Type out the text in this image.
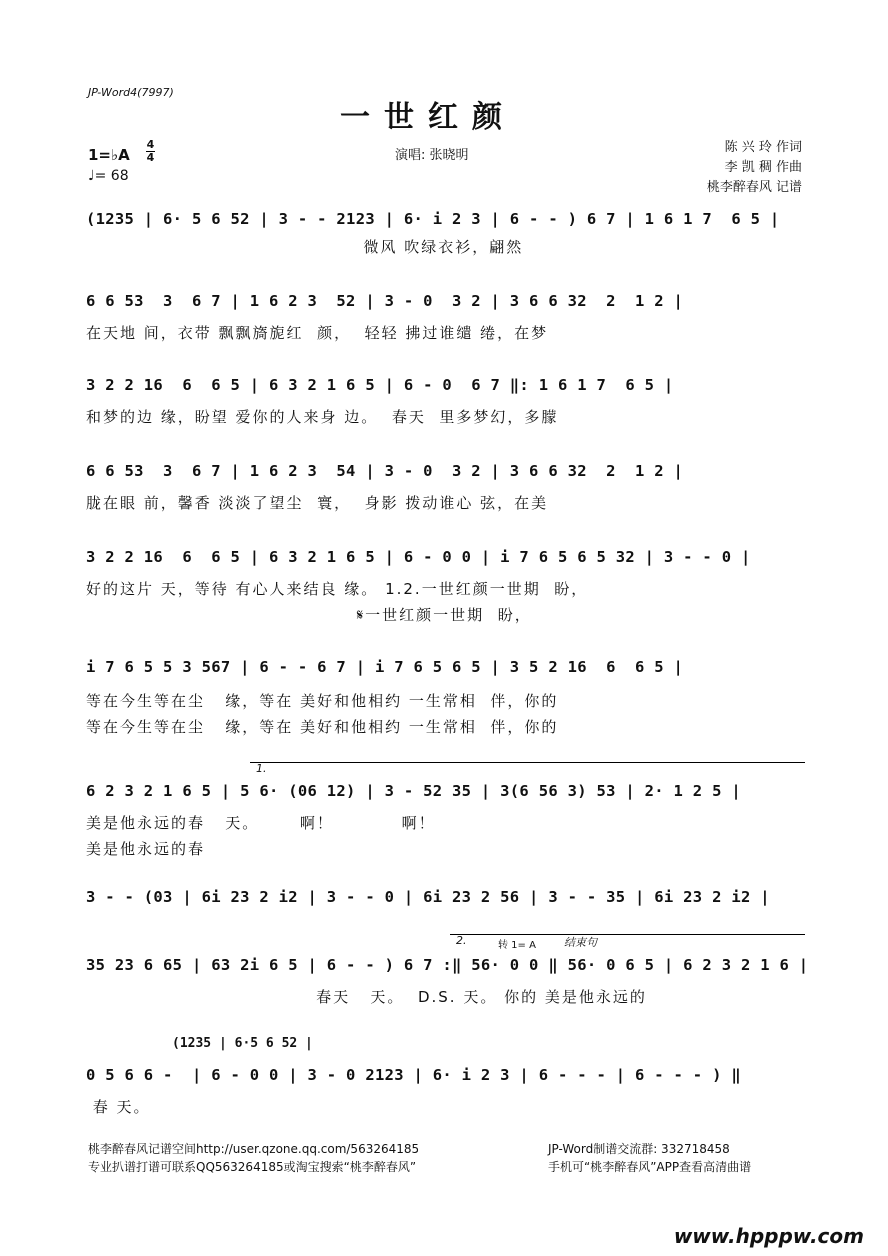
JP-Word4(7997)
一世红颜
1=♭A
4
4
♩= 68
演唱: 张晓明
陈 兴 玲 作词
李 凯 稠 作曲
桃李醉春风 记谱
(1235 | 6· 5 6 52 | 3 - - 2123 | 6· i 2 3 | 6 - - ) 6 7 | 1 6 1 7  6 5 |
微风 吹绿衣衫，翩然
6 6 53  3  6 7 | 1 6 2 3  52 | 3 - 0  3 2 | 3 6 6 32  2  1 2 |
在天地 间，衣带 飘飘旖旎红  颜，  轻轻 拂过谁缱 绻，在梦
3 2 2 16  6  6 5 | 6 3 2 1 6 5 | 6 - 0  6 7 ‖: 1 6 1 7  6 5 |
和梦的边 缘，盼望 爱你的人来身 边。  春天  里多梦幻，多朦
6 6 53  3  6 7 | 1 6 2 3  54 | 3 - 0  3 2 | 3 6 6 32  2  1 2 |
胧在眼 前，馨香 淡淡了望尘  寰，  身影 拨动谁心 弦，在美
3 2 2 16  6  6 5 | 6 3 2 1 6 5 | 6 - 0 0 | i 7 6 5 6 5 32 | 3 - - 0 |
好的这片 天，等待 有心人来结良 缘。 1.2.一世红颜一世期  盼，
𝄋一世红颜一世期  盼，
i 7 6 5 5 3 567 | 6 - - 6 7 | i 7 6 5 6 5 | 3 5 2 16  6  6 5 |
等在今生等在尘   缘，等在 美好和他相约 一生常相  伴，你的
等在今生等在尘   缘，等在 美好和他相约 一生常相  伴，你的
1.
6 2 3 2 1 6 5 | 5 6· (06 12) | 3 - 52 35 | 3(6 56 3) 53 | 2· 1 2 5 |
美是他永远的春   天。      啊！          啊！
美是他永远的春
3 - - (03 | 6i 23 2 i2 | 3 - - 0 | 6i 23 2 56 | 3 - - 35 | 6i 23 2 i2 |
2.	转 1= A	结束句
35 23 6 65 | 63 2i 6 5 | 6 - - ) 6 7 :‖ 56· 0 0 ‖ 56· 0 6 5 | 6 2 3 2 1 6 |
春天   天。  D.S. 天。 你的 美是他永远的
(1235 | 6·5 6 52 |
0 5 6 6 -  | 6 - 0 0 | 3 - 0 2123 | 6· i 2 3 | 6 - - - | 6 - - - ) ‖
春 天。
桃李醉春风记谱空间http://user.qzone.qq.com/563264185
专业扒谱打谱可联系QQ563264185或淘宝搜索“桃李醉春风”
JP-Word制谱交流群: 332718458
手机可“桃李醉春风”APP查看高清曲谱
www.hpppw.com
